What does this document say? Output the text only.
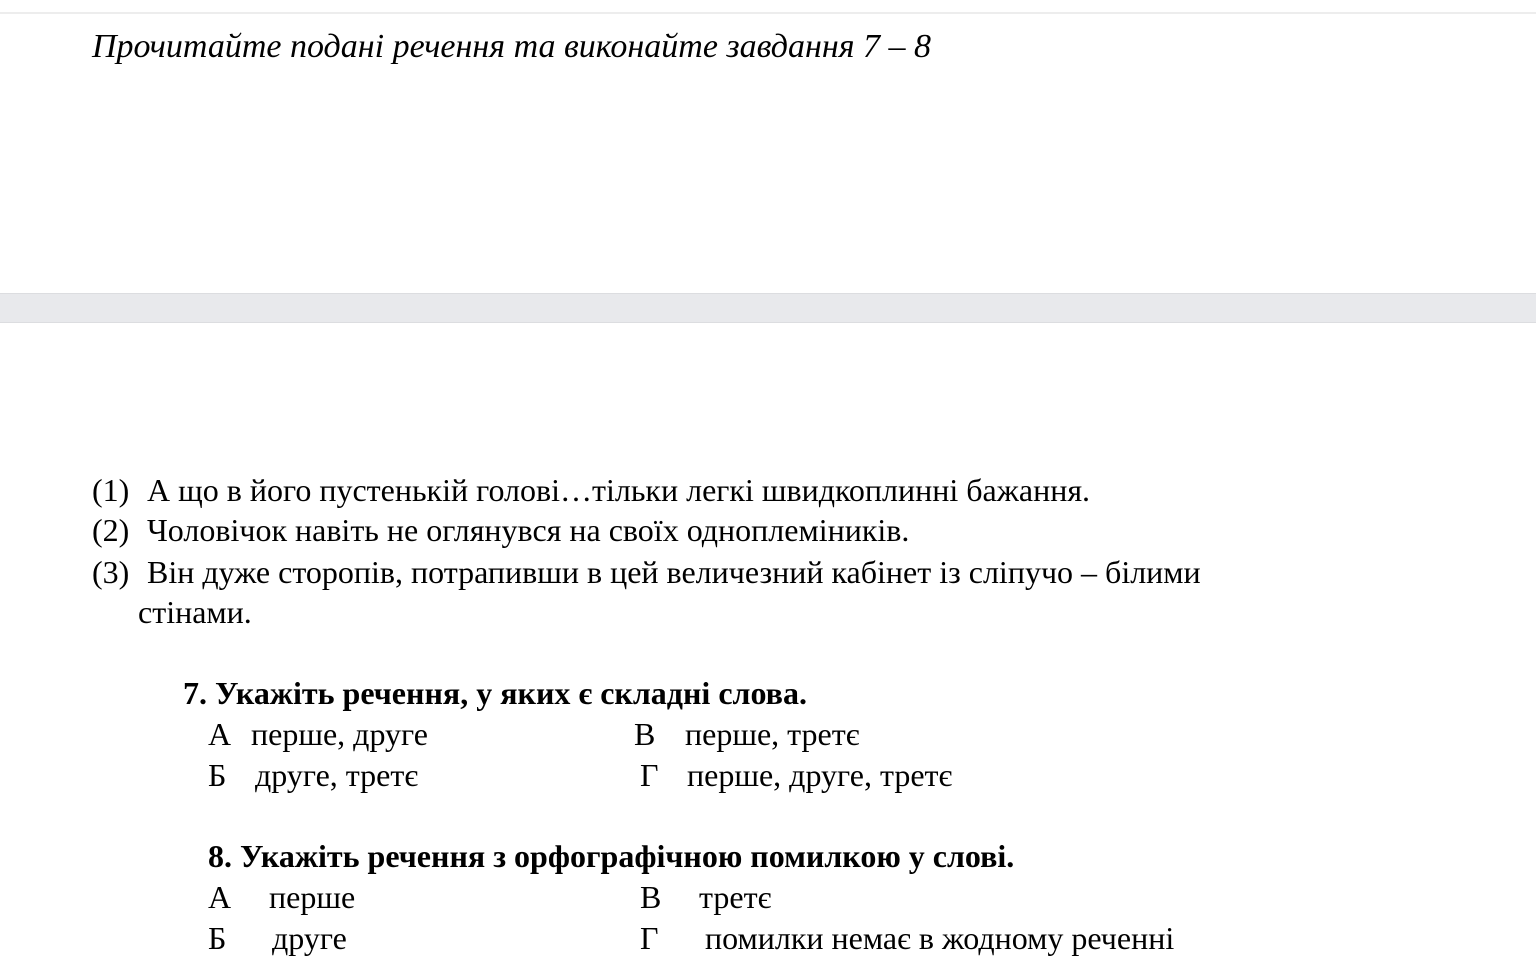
Прочитайте подані речення та виконайте завдання 7 – 8
(1) А що в його пустенькій голові…тільки легкі швидкоплинні бажання.
(2) Чоловічок навіть не оглянувся на своїх одноплеміників.
(3) Він дуже сторопів, потрапивши в цей величезний кабінет із сліпучо – білими
стінами.
7. Укажіть речення, у яких є складні слова.
А перше, друге	В перше, третє
Б друге, третє	Г перше, друге, третє
8. Укажіть речення з орфографічною помилкою у слові.
А перше	В третє
Б друге	Г помилки немає в жодному реченні
